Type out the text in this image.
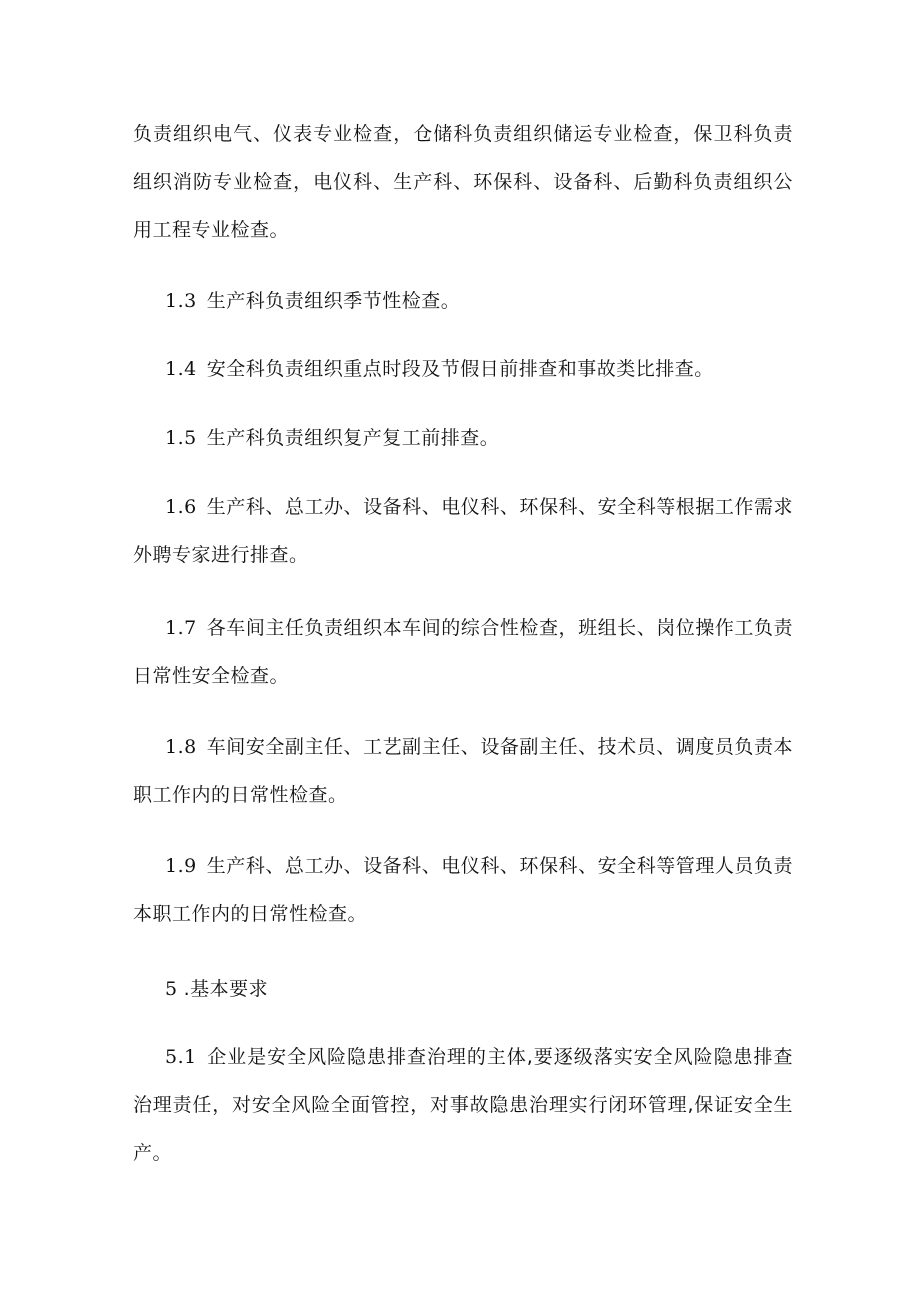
负责组织电气、仪表专业检查，仓储科负责组织储运专业检查，保卫科负责组织消防专业检查，电仪科、生产科、环保科、设备科、后勤科负责组织公用工程专业检查。

1.3 生产科负责组织季节性检查。

1.4 安全科负责组织重点时段及节假日前排查和事故类比排查。

1.5 生产科负责组织复产复工前排查。

1.6 生产科、总工办、设备科、电仪科、环保科、安全科等根据工作需求外聘专家进行排查。

1.7 各车间主任负责组织本车间的综合性检查，班组长、岗位操作工负责日常性安全检查。

1.8 车间安全副主任、工艺副主任、设备副主任、技术员、调度员负责本职工作内的日常性检查。

1.9 生产科、总工办、设备科、电仪科、环保科、安全科等管理人员负责本职工作内的日常性检查。

5 .基本要求

5.1 企业是安全风险隐患排查治理的主体,要逐级落实安全风险隐患排查治理责任，对安全风险全面管控，对事故隐患治理实行闭环管理,保证安全生产。
